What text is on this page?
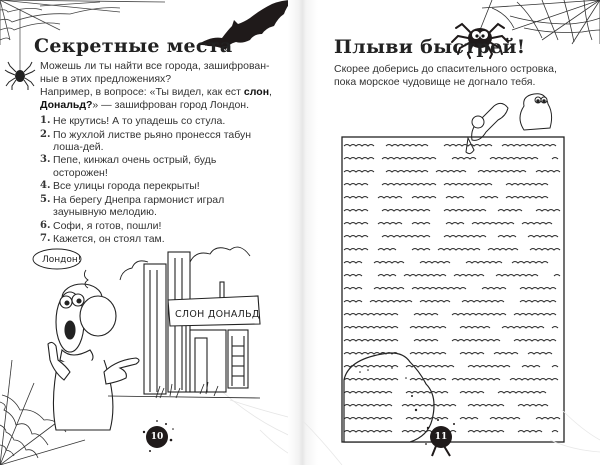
Секретные места
Можешь ли ты найти все города, зашифрован-
ные в этих предложениях?
Например, в вопросе: «Ты видел, как ест слон,
Дональд?» — зашифрован город Лондон.
1. Не крутись! А то упадешь со стула.
2. По жухлой листве рьяно пронесся табун лоша-дей.
3. Пепе, кинжал очень острый, будь осторожен!
4. Все улицы города перекрыты!
5. На берегу Днепра гармонист играл заунывную мелодию.
6. Софи, я готов, пошли!
7. Кажется, он стоял там.
Лондон!
СЛОН ДОНАЛЬД
10
Плыви быстрей!
Скорее доберись до спасительного островка,
пока морское чудовище не догнало тебя.
11
